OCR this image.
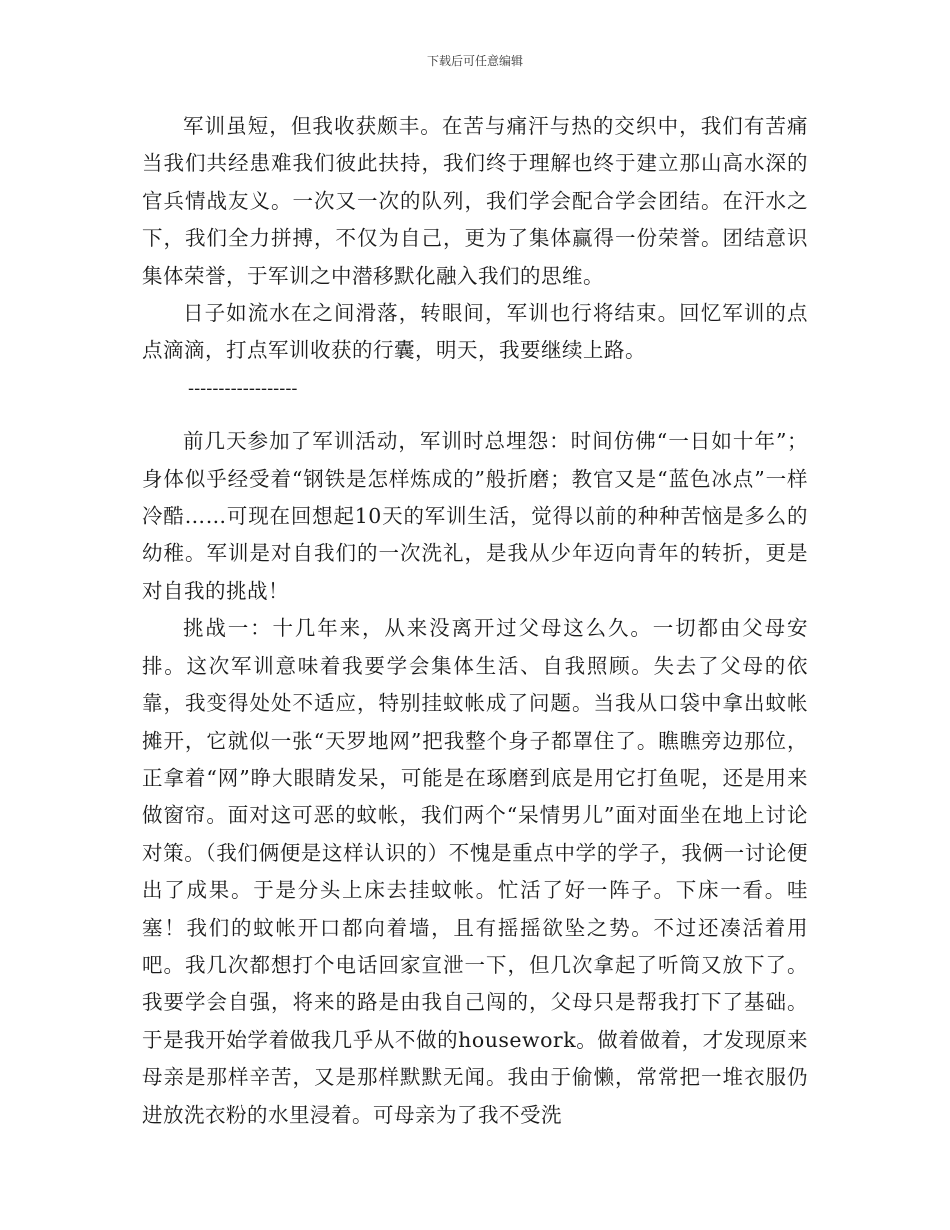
下载后可任意编辑

军训虽短，但我收获颇丰。在苦与痛汗与热的交织中，我们有苦痛当我们共经患难我们彼此扶持，我们终于理解也终于建立那山高水深的官兵情战友义。一次又一次的队列，我们学会配合学会团结。在汗水之下，我们全力拼搏，不仅为自己，更为了集体赢得一份荣誉。团结意识集体荣誉，于军训之中潜移默化融入我们的思维。

日子如流水在之间滑落，转眼间，军训也行将结束。回忆军训的点点滴滴，打点军训收获的行囊，明天，我要继续上路。

------------------

前几天参加了军训活动，军训时总埋怨：时间仿佛“一日如十年”；身体似乎经受着“钢铁是怎样炼成的”般折磨；教官又是“蓝色冰点”一样冷酷……可现在回想起10天的军训生活，觉得以前的种种苦恼是多么的幼稚。军训是对自我们的一次洗礼，是我从少年迈向青年的转折，更是对自我的挑战！

挑战一：十几年来，从来没离开过父母这么久。一切都由父母安排。这次军训意味着我要学会集体生活、自我照顾。失去了父母的依靠，我变得处处不适应，特别挂蚊帐成了问题。当我从口袋中拿出蚊帐摊开，它就似一张“天罗地网”把我整个身子都罩住了。瞧瞧旁边那位，正拿着“网”睁大眼睛发呆，可能是在琢磨到底是用它打鱼呢，还是用来做窗帘。面对这可恶的蚊帐，我们两个“呆情男儿”面对面坐在地上讨论对策。（我们俩便是这样认识的）不愧是重点中学的学子，我俩一讨论便出了成果。于是分头上床去挂蚊帐。忙活了好一阵子。下床一看。哇塞！我们的蚊帐开口都向着墙，且有摇摇欲坠之势。不过还凑活着用吧。我几次都想打个电话回家宣泄一下，但几次拿起了听筒又放下了。我要学会自强，将来的路是由我自己闯的，父母只是帮我打下了基础。于是我开始学着做我几乎从不做的housework。做着做着，才发现原来母亲是那样辛苦，又是那样默默无闻。我由于偷懒，常常把一堆衣服仍进放洗衣粉的水里浸着。可母亲为了我不受洗
